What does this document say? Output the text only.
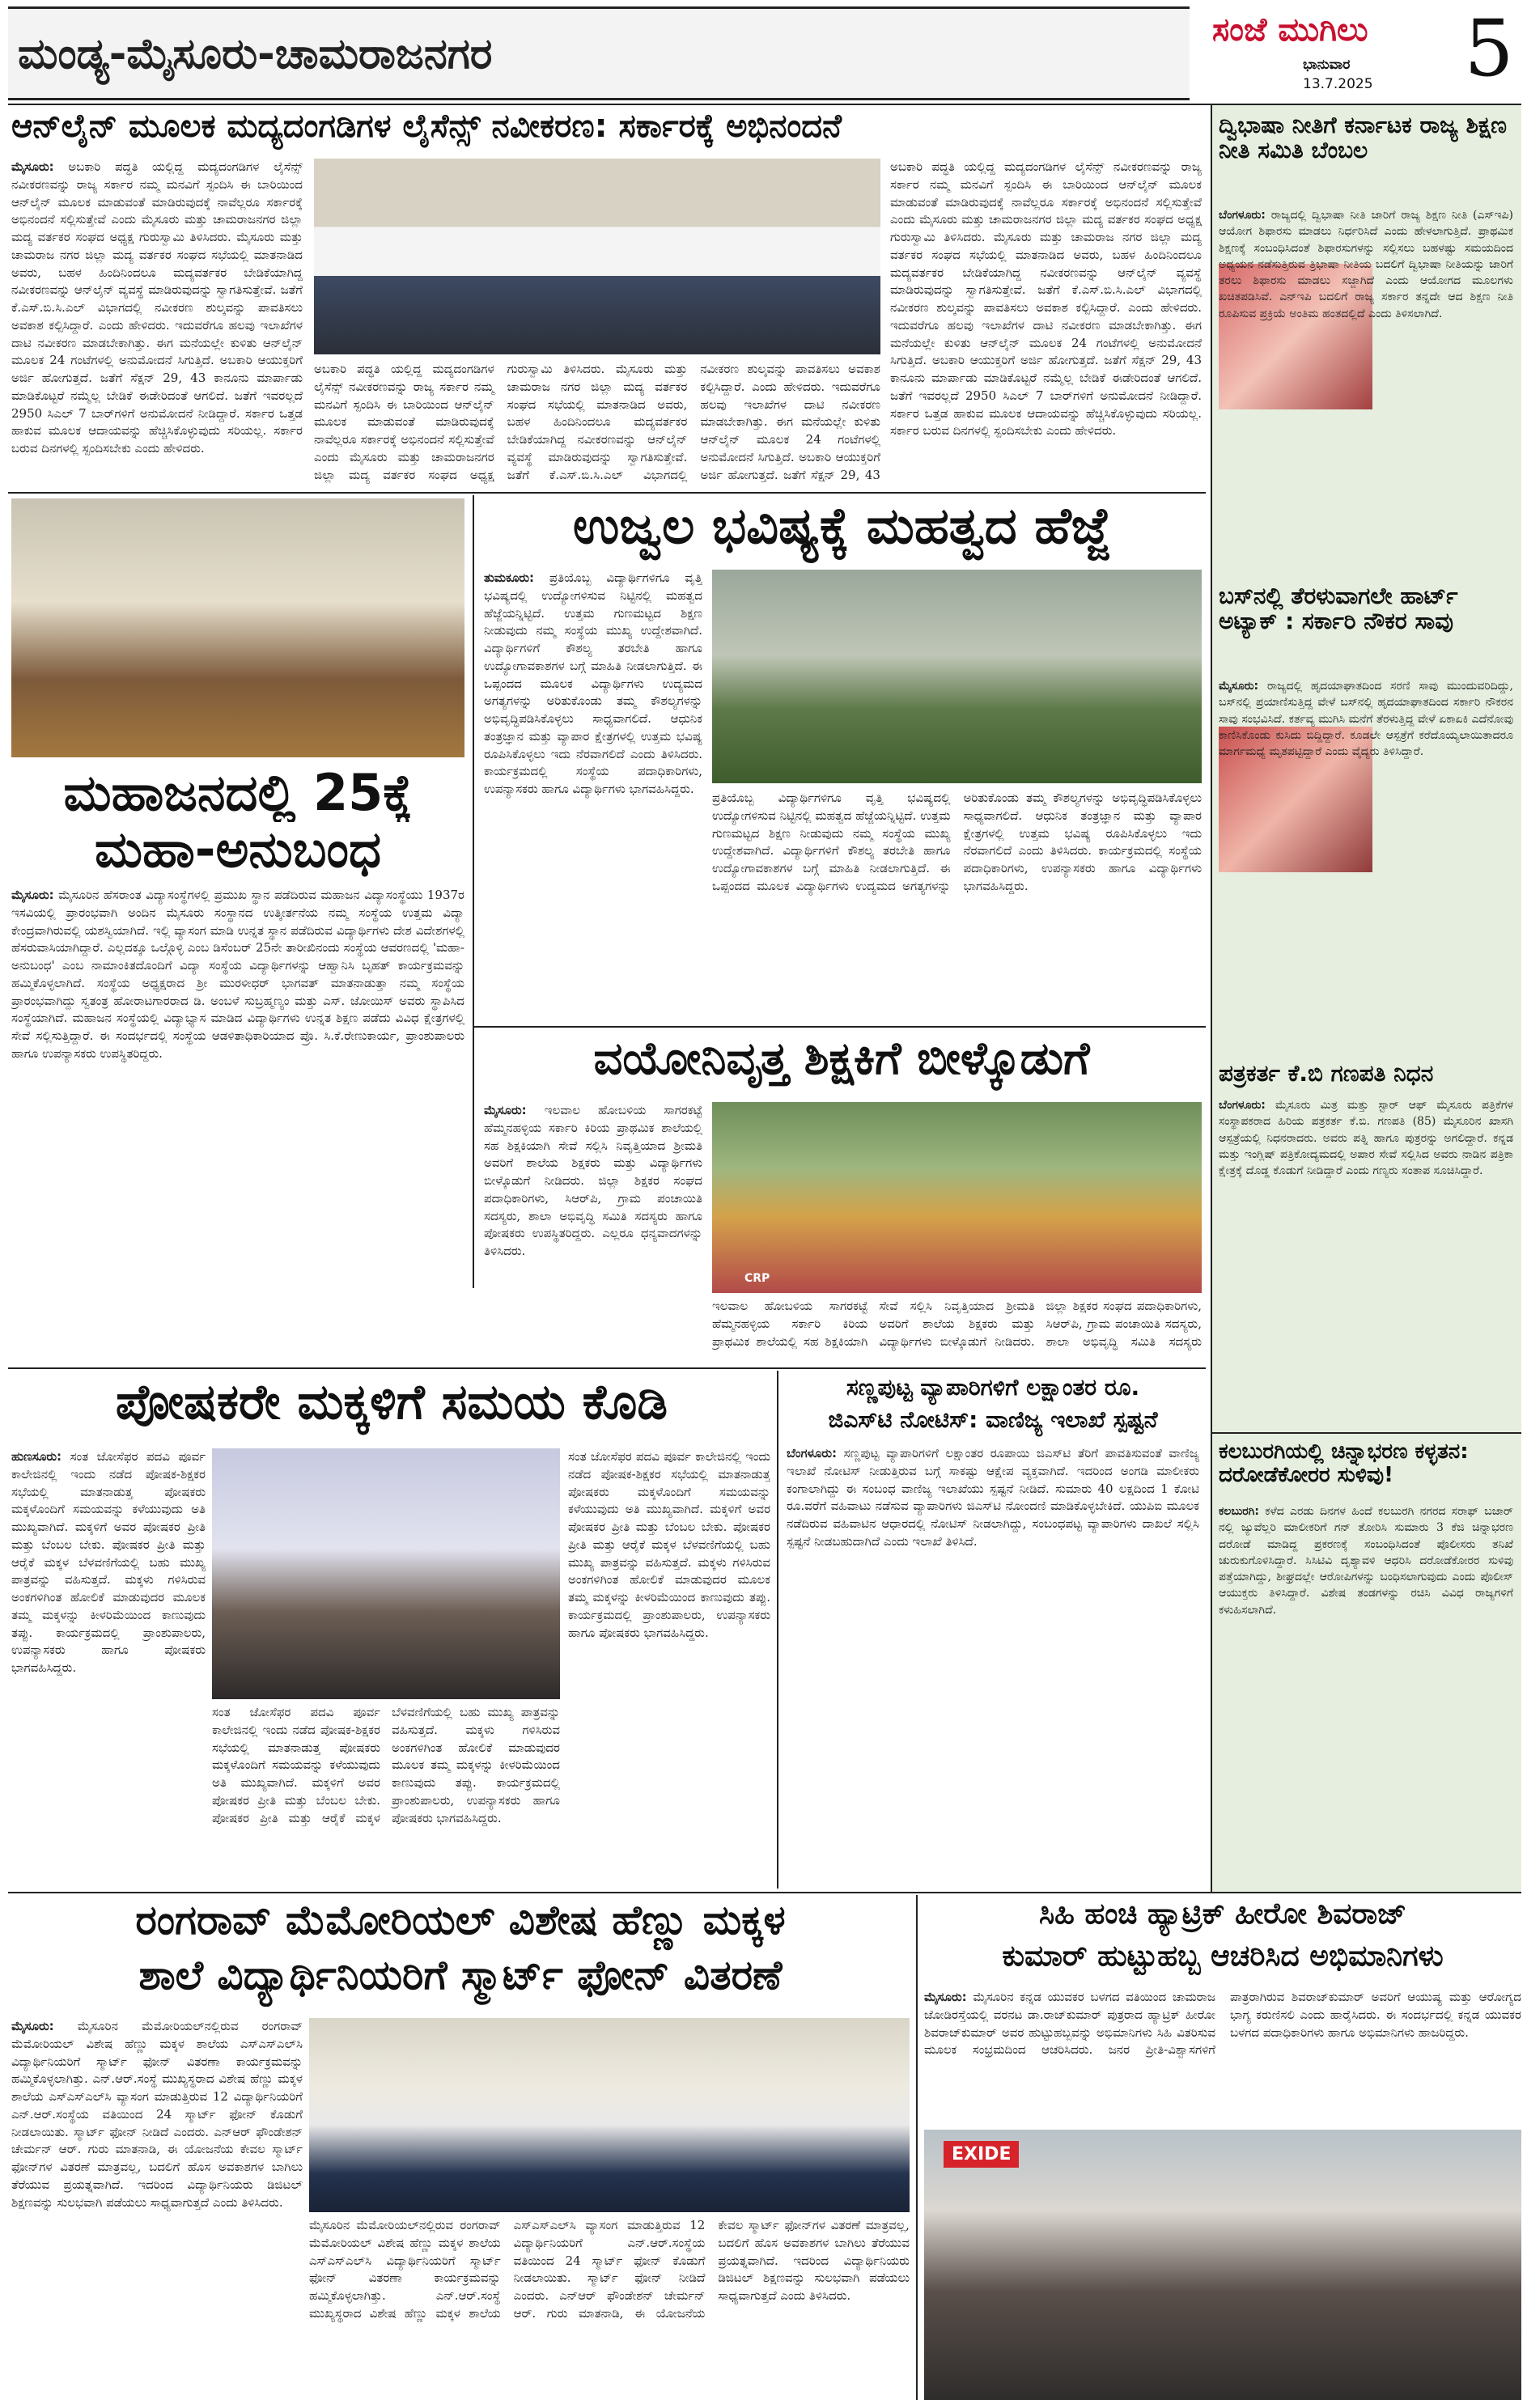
ಮಂಡ್ಯ-ಮೈಸೂರು-ಚಾಮರಾಜನಗರ	ಸಂಜೆ ಮುಗಿಲು
ಭಾನುವಾರ
13.7.2025 5
ಆನ್‌ಲೈನ್ ಮೂಲಕ ಮದ್ಯದಂಗಡಿಗಳ ಲೈಸೆನ್ಸ್ ನವೀಕರಣ: ಸರ್ಕಾರಕ್ಕೆ ಅಭಿನಂದನೆ
ಮೈಸೂರು: ಅಬಕಾರಿ ಪದ್ಧತಿ ಯಲ್ಲಿದ್ದ ಮದ್ಯದಂಗಡಿಗಳ ಲೈಸೆನ್ಸ್ ನವೀಕರಣವನ್ನು ರಾಜ್ಯ ಸರ್ಕಾರ ನಮ್ಮ ಮನವಿಗೆ ಸ್ಪಂದಿಸಿ ಈ ಬಾರಿಯಿಂದ ಆನ್‌ಲೈನ್ ಮೂಲಕ ಮಾಡುವಂತೆ ಮಾಡಿರುವುದಕ್ಕೆ ನಾವೆಲ್ಲರೂ ಸರ್ಕಾರಕ್ಕೆ ಅಭಿನಂದನೆ ಸಲ್ಲಿಸುತ್ತೇವೆ ಎಂದು ಮೈಸೂರು ಮತ್ತು ಚಾಮರಾಜನಗರ ಜಿಲ್ಲಾ ಮದ್ಯ ವರ್ತಕರ ಸಂಘದ ಅಧ್ಯಕ್ಷ ಗುರುಸ್ವಾಮಿ ತಿಳಿಸಿದರು. ಮೈಸೂರು ಮತ್ತು ಚಾಮರಾಜ ನಗರ ಜಿಲ್ಲಾ ಮದ್ಯ ವರ್ತಕರ ಸಂಘದ ಸಭೆಯಲ್ಲಿ ಮಾತನಾಡಿದ ಅವರು, ಬಹಳ ಹಿಂದಿನಿಂದಲೂ ಮದ್ಯವರ್ತಕರ ಬೇಡಿಕೆಯಾಗಿದ್ದ ನವೀಕರಣವನ್ನು ಆನ್‌ಲೈನ್ ವ್ಯವಸ್ಥೆ ಮಾಡಿರುವುದನ್ನು ಸ್ವಾಗತಿಸುತ್ತೇವೆ. ಜತೆಗೆ ಕೆ.ಎಸ್.ಬಿ.ಸಿ.ಎಲ್ ವಿಭಾಗದಲ್ಲಿ ನವೀಕರಣ ಶುಲ್ಕವನ್ನು ಪಾವತಿಸಲು ಅವಕಾಶ ಕಲ್ಪಿಸಿದ್ದಾರೆ. ಎಂದು ಹೇಳಿದರು. ಇದುವರೆಗೂ ಹಲವು ಇಲಾಖೆಗಳ ದಾಟಿ ನವೀಕರಣ ಮಾಡಬೇಕಾಗಿತ್ತು. ಈಗ ಮನೆಯಲ್ಲೇ ಕುಳಿತು ಆನ್‌ಲೈನ್ ಮೂಲಕ 24 ಗಂಟೆಗಳಲ್ಲಿ ಅನುಮೋದನೆ ಸಿಗುತ್ತಿದೆ. ಅಬಕಾರಿ ಆಯುಕ್ತರಿಗೆ ಅರ್ಜಿ ಹೋಗುತ್ತದೆ. ಜತೆಗೆ ಸೆಕ್ಷನ್ 29, 43 ಕಾನೂನು ಮಾರ್ಪಾಡು ಮಾಡಿಕೊಟ್ಟರೆ ನಮ್ಮೆಲ್ಲ ಬೇಡಿಕೆ ಈಡೇರಿದಂತೆ ಆಗಲಿದೆ. ಜತೆಗೆ ಇವರಲ್ಲದೆ 2950 ಸಿಎಲ್ 7 ಬಾರ್‌ಗಳಿಗೆ ಅನುಮೋದನೆ ನೀಡಿದ್ದಾರೆ. ಸರ್ಕಾರ ಒತ್ತಡ ಹಾಕುವ ಮೂಲಕ ಆದಾಯವನ್ನು ಹೆಚ್ಚಿಸಿಕೊಳ್ಳುವುದು ಸರಿಯಲ್ಲ. ಸರ್ಕಾರ ಬರುವ ದಿನಗಳಲ್ಲಿ ಸ್ಪಂದಿಸಬೇಕು ಎಂದು ಹೇಳಿದರು.
ಅಬಕಾರಿ ಪದ್ಧತಿ ಯಲ್ಲಿದ್ದ ಮದ್ಯದಂಗಡಿಗಳ ಲೈಸೆನ್ಸ್ ನವೀಕರಣವನ್ನು ರಾಜ್ಯ ಸರ್ಕಾರ ನಮ್ಮ ಮನವಿಗೆ ಸ್ಪಂದಿಸಿ ಈ ಬಾರಿಯಿಂದ ಆನ್‌ಲೈನ್ ಮೂಲಕ ಮಾಡುವಂತೆ ಮಾಡಿರುವುದಕ್ಕೆ ನಾವೆಲ್ಲರೂ ಸರ್ಕಾರಕ್ಕೆ ಅಭಿನಂದನೆ ಸಲ್ಲಿಸುತ್ತೇವೆ ಎಂದು ಮೈಸೂರು ಮತ್ತು ಚಾಮರಾಜನಗರ ಜಿಲ್ಲಾ ಮದ್ಯ ವರ್ತಕರ ಸಂಘದ ಅಧ್ಯಕ್ಷ ಗುರುಸ್ವಾಮಿ ತಿಳಿಸಿದರು. ಮೈಸೂರು ಮತ್ತು ಚಾಮರಾಜ ನಗರ ಜಿಲ್ಲಾ ಮದ್ಯ ವರ್ತಕರ ಸಂಘದ ಸಭೆಯಲ್ಲಿ ಮಾತನಾಡಿದ ಅವರು, ಬಹಳ ಹಿಂದಿನಿಂದಲೂ ಮದ್ಯವರ್ತಕರ ಬೇಡಿಕೆಯಾಗಿದ್ದ ನವೀಕರಣವನ್ನು ಆನ್‌ಲೈನ್ ವ್ಯವಸ್ಥೆ ಮಾಡಿರುವುದನ್ನು ಸ್ವಾಗತಿಸುತ್ತೇವೆ. ಜತೆಗೆ ಕೆ.ಎಸ್.ಬಿ.ಸಿ.ಎಲ್ ವಿಭಾಗದಲ್ಲಿ ನವೀಕರಣ ಶುಲ್ಕವನ್ನು ಪಾವತಿಸಲು ಅವಕಾಶ ಕಲ್ಪಿಸಿದ್ದಾರೆ. ಎಂದು ಹೇಳಿದರು. ಇದುವರೆಗೂ ಹಲವು ಇಲಾಖೆಗಳ ದಾಟಿ ನವೀಕರಣ ಮಾಡಬೇಕಾಗಿತ್ತು. ಈಗ ಮನೆಯಲ್ಲೇ ಕುಳಿತು ಆನ್‌ಲೈನ್ ಮೂಲಕ 24 ಗಂಟೆಗಳಲ್ಲಿ ಅನುಮೋದನೆ ಸಿಗುತ್ತಿದೆ. ಅಬಕಾರಿ ಆಯುಕ್ತರಿಗೆ ಅರ್ಜಿ ಹೋಗುತ್ತದೆ. ಜತೆಗೆ ಸೆಕ್ಷನ್ 29, 43
ಅಬಕಾರಿ ಪದ್ಧತಿ ಯಲ್ಲಿದ್ದ ಮದ್ಯದಂಗಡಿಗಳ ಲೈಸೆನ್ಸ್ ನವೀಕರಣವನ್ನು ರಾಜ್ಯ ಸರ್ಕಾರ ನಮ್ಮ ಮನವಿಗೆ ಸ್ಪಂದಿಸಿ ಈ ಬಾರಿಯಿಂದ ಆನ್‌ಲೈನ್ ಮೂಲಕ ಮಾಡುವಂತೆ ಮಾಡಿರುವುದಕ್ಕೆ ನಾವೆಲ್ಲರೂ ಸರ್ಕಾರಕ್ಕೆ ಅಭಿನಂದನೆ ಸಲ್ಲಿಸುತ್ತೇವೆ ಎಂದು ಮೈಸೂರು ಮತ್ತು ಚಾಮರಾಜನಗರ ಜಿಲ್ಲಾ ಮದ್ಯ ವರ್ತಕರ ಸಂಘದ ಅಧ್ಯಕ್ಷ ಗುರುಸ್ವಾಮಿ ತಿಳಿಸಿದರು. ಮೈಸೂರು ಮತ್ತು ಚಾಮರಾಜ ನಗರ ಜಿಲ್ಲಾ ಮದ್ಯ ವರ್ತಕರ ಸಂಘದ ಸಭೆಯಲ್ಲಿ ಮಾತನಾಡಿದ ಅವರು, ಬಹಳ ಹಿಂದಿನಿಂದಲೂ ಮದ್ಯವರ್ತಕರ ಬೇಡಿಕೆಯಾಗಿದ್ದ ನವೀಕರಣವನ್ನು ಆನ್‌ಲೈನ್ ವ್ಯವಸ್ಥೆ ಮಾಡಿರುವುದನ್ನು ಸ್ವಾಗತಿಸುತ್ತೇವೆ. ಜತೆಗೆ ಕೆ.ಎಸ್.ಬಿ.ಸಿ.ಎಲ್ ವಿಭಾಗದಲ್ಲಿ ನವೀಕರಣ ಶುಲ್ಕವನ್ನು ಪಾವತಿಸಲು ಅವಕಾಶ ಕಲ್ಪಿಸಿದ್ದಾರೆ. ಎಂದು ಹೇಳಿದರು. ಇದುವರೆಗೂ ಹಲವು ಇಲಾಖೆಗಳ ದಾಟಿ ನವೀಕರಣ ಮಾಡಬೇಕಾಗಿತ್ತು. ಈಗ ಮನೆಯಲ್ಲೇ ಕುಳಿತು ಆನ್‌ಲೈನ್ ಮೂಲಕ 24 ಗಂಟೆಗಳಲ್ಲಿ ಅನುಮೋದನೆ ಸಿಗುತ್ತಿದೆ. ಅಬಕಾರಿ ಆಯುಕ್ತರಿಗೆ ಅರ್ಜಿ ಹೋಗುತ್ತದೆ. ಜತೆಗೆ ಸೆಕ್ಷನ್ 29, 43 ಕಾನೂನು ಮಾರ್ಪಾಡು ಮಾಡಿಕೊಟ್ಟರೆ ನಮ್ಮೆಲ್ಲ ಬೇಡಿಕೆ ಈಡೇರಿದಂತೆ ಆಗಲಿದೆ. ಜತೆಗೆ ಇವರಲ್ಲದೆ 2950 ಸಿಎಲ್ 7 ಬಾರ್‌ಗಳಿಗೆ ಅನುಮೋದನೆ ನೀಡಿದ್ದಾರೆ. ಸರ್ಕಾರ ಒತ್ತಡ ಹಾಕುವ ಮೂಲಕ ಆದಾಯವನ್ನು ಹೆಚ್ಚಿಸಿಕೊಳ್ಳುವುದು ಸರಿಯಲ್ಲ. ಸರ್ಕಾರ ಬರುವ ದಿನಗಳಲ್ಲಿ ಸ್ಪಂದಿಸಬೇಕು ಎಂದು ಹೇಳಿದರು.
ಉಜ್ವಲ ಭವಿಷ್ಯಕ್ಕೆ ಮಹತ್ವದ ಹೆಜ್ಜೆ
ತುಮಕೂರು: ಪ್ರತಿಯೊಬ್ಬ ವಿದ್ಯಾರ್ಥಿಗಳಿಗೂ ವೃತ್ತಿ ಭವಿಷ್ಯದಲ್ಲಿ ಉದ್ಯೋಗಳಿಸುವ ನಿಟ್ಟಿನಲ್ಲಿ ಮಹತ್ವದ ಹೆಜ್ಜೆಯನ್ನಿಟ್ಟಿದೆ. ಉತ್ತಮ ಗುಣಮಟ್ಟದ ಶಿಕ್ಷಣ ನೀಡುವುದು ನಮ್ಮ ಸಂಸ್ಥೆಯ ಮುಖ್ಯ ಉದ್ದೇಶವಾಗಿದೆ. ವಿದ್ಯಾರ್ಥಿಗಳಿಗೆ ಕೌಶಲ್ಯ ತರಬೇತಿ ಹಾಗೂ ಉದ್ಯೋಗಾವಕಾಶಗಳ ಬಗ್ಗೆ ಮಾಹಿತಿ ನೀಡಲಾಗುತ್ತಿದೆ. ಈ ಒಪ್ಪಂದದ ಮೂಲಕ ವಿದ್ಯಾರ್ಥಿಗಳು ಉದ್ಯಮದ ಅಗತ್ಯಗಳನ್ನು ಅರಿತುಕೊಂಡು ತಮ್ಮ ಕೌಶಲ್ಯಗಳನ್ನು ಅಭಿವೃದ್ಧಿಪಡಿಸಿಕೊಳ್ಳಲು ಸಾಧ್ಯವಾಗಲಿದೆ. ಆಧುನಿಕ ತಂತ್ರಜ್ಞಾನ ಮತ್ತು ವ್ಯಾಪಾರ ಕ್ಷೇತ್ರಗಳಲ್ಲಿ ಉತ್ತಮ ಭವಿಷ್ಯ ರೂಪಿಸಿಕೊಳ್ಳಲು ಇದು ನೆರವಾಗಲಿದೆ ಎಂದು ತಿಳಿಸಿದರು. ಕಾರ್ಯಕ್ರಮದಲ್ಲಿ ಸಂಸ್ಥೆಯ ಪದಾಧಿಕಾರಿಗಳು, ಉಪನ್ಯಾಸಕರು ಹಾಗೂ ವಿದ್ಯಾರ್ಥಿಗಳು ಭಾಗವಹಿಸಿದ್ದರು.
ಪ್ರತಿಯೊಬ್ಬ ವಿದ್ಯಾರ್ಥಿಗಳಿಗೂ ವೃತ್ತಿ ಭವಿಷ್ಯದಲ್ಲಿ ಉದ್ಯೋಗಳಿಸುವ ನಿಟ್ಟಿನಲ್ಲಿ ಮಹತ್ವದ ಹೆಜ್ಜೆಯನ್ನಿಟ್ಟಿದೆ. ಉತ್ತಮ ಗುಣಮಟ್ಟದ ಶಿಕ್ಷಣ ನೀಡುವುದು ನಮ್ಮ ಸಂಸ್ಥೆಯ ಮುಖ್ಯ ಉದ್ದೇಶವಾಗಿದೆ. ವಿದ್ಯಾರ್ಥಿಗಳಿಗೆ ಕೌಶಲ್ಯ ತರಬೇತಿ ಹಾಗೂ ಉದ್ಯೋಗಾವಕಾಶಗಳ ಬಗ್ಗೆ ಮಾಹಿತಿ ನೀಡಲಾಗುತ್ತಿದೆ. ಈ ಒಪ್ಪಂದದ ಮೂಲಕ ವಿದ್ಯಾರ್ಥಿಗಳು ಉದ್ಯಮದ ಅಗತ್ಯಗಳನ್ನು ಅರಿತುಕೊಂಡು ತಮ್ಮ ಕೌಶಲ್ಯಗಳನ್ನು ಅಭಿವೃದ್ಧಿಪಡಿಸಿಕೊಳ್ಳಲು ಸಾಧ್ಯವಾಗಲಿದೆ. ಆಧುನಿಕ ತಂತ್ರಜ್ಞಾನ ಮತ್ತು ವ್ಯಾಪಾರ ಕ್ಷೇತ್ರಗಳಲ್ಲಿ ಉತ್ತಮ ಭವಿಷ್ಯ ರೂಪಿಸಿಕೊಳ್ಳಲು ಇದು ನೆರವಾಗಲಿದೆ ಎಂದು ತಿಳಿಸಿದರು. ಕಾರ್ಯಕ್ರಮದಲ್ಲಿ ಸಂಸ್ಥೆಯ ಪದಾಧಿಕಾರಿಗಳು, ಉಪನ್ಯಾಸಕರು ಹಾಗೂ ವಿದ್ಯಾರ್ಥಿಗಳು ಭಾಗವಹಿಸಿದ್ದರು.
ಮಹಾಜನದಲ್ಲಿ 25ಕ್ಕೆ
ಮಹಾ-ಅನುಬಂಧ
ಮೈಸೂರು: ಮೈಸೂರಿನ ಹೆಸರಾಂತ ವಿದ್ಯಾಸಂಸ್ಥೆಗಳಲ್ಲಿ ಪ್ರಮುಖ ಸ್ಥಾನ ಪಡೆದಿರುವ ಮಹಾಜನ ವಿದ್ಯಾಸಂಸ್ಥೆಯು 1937ರ ಇಸವಿಯಲ್ಲಿ ಪ್ರಾರಂಭವಾಗಿ ಅಂದಿನ ಮೈಸೂರು ಸಂಸ್ಥಾನದ ಉತ್ಕೀರ್ತನೆಯ ನಮ್ಮ ಸಂಸ್ಥೆಯ ಉತ್ತಮ ವಿದ್ಯಾ ಕೇಂದ್ರವಾಗಿರುವಲ್ಲಿ ಯಶಸ್ವಿಯಾಗಿದೆ. ಇಲ್ಲಿ ವ್ಯಾಸಂಗ ಮಾಡಿ ಉನ್ನತ ಸ್ಥಾನ ಪಡೆದಿರುವ ವಿದ್ಯಾರ್ಥಿಗಳು ದೇಶ ವಿದೇಶಗಳಲ್ಲಿ ಹೆಸರುವಾಸಿಯಾಗಿದ್ದಾರೆ. ಎಲ್ಲದಕ್ಕೂ ಒಲ್ಗೊಳ್ಳಿ ಎಂಬ ಡಿಸೆಂಬರ್ 25ನೇ ತಾರೀಖಿನಂದು ಸಂಸ್ಥೆಯ ಆವರಣದಲ್ಲಿ 'ಮಹಾ-ಅನುಬಂಧ' ಎಂಬ ನಾಮಾಂಕಿತದೊಂದಿಗೆ ವಿದ್ಯಾ ಸಂಸ್ಥೆಯ ವಿದ್ಯಾರ್ಥಿಗಳನ್ನು ಆಹ್ವಾನಿಸಿ ಬೃಹತ್ ಕಾರ್ಯಕ್ರಮವನ್ನು ಹಮ್ಮಿಕೊಳ್ಳಲಾಗಿದೆ. ಸಂಸ್ಥೆಯ ಅಧ್ಯಕ್ಷರಾದ ಶ್ರೀ ಮುರಳೀಧರ್ ಭಾಗವತ್ ಮಾತನಾಡುತ್ತಾ ನಮ್ಮ ಸಂಸ್ಥೆಯ ಪ್ರಾರಂಭವಾಗಿದ್ದು ಸ್ವತಂತ್ರ ಹೋರಾಟಗಾರರಾದ ಡಿ. ಅಂಬಳೆ ಸುಬ್ರಹ್ಮಣ್ಯಂ ಮತ್ತು ಎಸ್. ಜೋಯಿಸ್ ಅವರು ಸ್ಥಾಪಿಸಿದ ಸಂಸ್ಥೆಯಾಗಿದೆ. ಮಹಾಜನ ಸಂಸ್ಥೆಯಲ್ಲಿ ವಿದ್ಯಾಭ್ಯಾಸ ಮಾಡಿದ ವಿದ್ಯಾರ್ಥಿಗಳು ಉನ್ನತ ಶಿಕ್ಷಣ ಪಡೆದು ವಿವಿಧ ಕ್ಷೇತ್ರಗಳಲ್ಲಿ ಸೇವೆ ಸಲ್ಲಿಸುತ್ತಿದ್ದಾರೆ. ಈ ಸಂದರ್ಭದಲ್ಲಿ ಸಂಸ್ಥೆಯ ಆಡಳಿತಾಧಿಕಾರಿಯಾದ ಪ್ರೊ. ಸಿ.ಕೆ.ರೇಣುಕಾರ್ಯ, ಪ್ರಾಂಶುಪಾಲರು ಹಾಗೂ ಉಪನ್ಯಾಸಕರು ಉಪಸ್ಥಿತರಿದ್ದರು.	ವಯೋನಿವೃತ್ತ ಶಿಕ್ಷಕಿಗೆ ಬೀಳ್ಕೊಡುಗೆ
ಮೈಸೂರು: ಇಲವಾಲ ಹೋಬಳಿಯ ಸಾಗರಕಟ್ಟೆ ಹೆಮ್ಮನಹಳ್ಳಿಯ ಸರ್ಕಾರಿ ಕಿರಿಯ ಪ್ರಾಥಮಿಕ ಶಾಲೆಯಲ್ಲಿ ಸಹ ಶಿಕ್ಷಕಿಯಾಗಿ ಸೇವೆ ಸಲ್ಲಿಸಿ ನಿವೃತ್ತಿಯಾದ ಶ್ರೀಮತಿ ಅವರಿಗೆ ಶಾಲೆಯ ಶಿಕ್ಷಕರು ಮತ್ತು ವಿದ್ಯಾರ್ಥಿಗಳು ಬೀಳ್ಕೊಡುಗೆ ನೀಡಿದರು. ಜಿಲ್ಲಾ ಶಿಕ್ಷಕರ ಸಂಘದ ಪದಾಧಿಕಾರಿಗಳು, ಸಿಆರ್‌ಪಿ, ಗ್ರಾಮ ಪಂಚಾಯಿತಿ ಸದಸ್ಯರು, ಶಾಲಾ ಅಭಿವೃದ್ಧಿ ಸಮಿತಿ ಸದಸ್ಯರು ಹಾಗೂ ಪೋಷಕರು ಉಪಸ್ಥಿತರಿದ್ದರು. ಎಲ್ಲರೂ ಧನ್ಯವಾದಗಳನ್ನು ತಿಳಿಸಿದರು.
CRP
ಇಲವಾಲ ಹೋಬಳಿಯ ಸಾಗರಕಟ್ಟೆ ಹೆಮ್ಮನಹಳ್ಳಿಯ ಸರ್ಕಾರಿ ಕಿರಿಯ ಪ್ರಾಥಮಿಕ ಶಾಲೆಯಲ್ಲಿ ಸಹ ಶಿಕ್ಷಕಿಯಾಗಿ ಸೇವೆ ಸಲ್ಲಿಸಿ ನಿವೃತ್ತಿಯಾದ ಶ್ರೀಮತಿ ಅವರಿಗೆ ಶಾಲೆಯ ಶಿಕ್ಷಕರು ಮತ್ತು ವಿದ್ಯಾರ್ಥಿಗಳು ಬೀಳ್ಕೊಡುಗೆ ನೀಡಿದರು. ಜಿಲ್ಲಾ ಶಿಕ್ಷಕರ ಸಂಘದ ಪದಾಧಿಕಾರಿಗಳು, ಸಿಆರ್‌ಪಿ, ಗ್ರಾಮ ಪಂಚಾಯಿತಿ ಸದಸ್ಯರು, ಶಾಲಾ ಅಭಿವೃದ್ಧಿ ಸಮಿತಿ ಸದಸ್ಯರು
ಪೋಷಕರೇ ಮಕ್ಕಳಿಗೆ ಸಮಯ ಕೊಡಿ
ಹುಣಸೂರು: ಸಂತ ಜೋಸೆಫರ ಪದವಿ ಪೂರ್ವ ಕಾಲೇಜಿನಲ್ಲಿ ಇಂದು ನಡೆದ ಪೋಷಕ-ಶಿಕ್ಷಕರ ಸಭೆಯಲ್ಲಿ ಮಾತನಾಡುತ್ತ ಪೋಷಕರು ಮಕ್ಕಳೊಂದಿಗೆ ಸಮಯವನ್ನು ಕಳೆಯುವುದು ಅತಿ ಮುಖ್ಯವಾಗಿದೆ. ಮಕ್ಕಳಿಗೆ ಅವರ ಪೋಷಕರ ಪ್ರೀತಿ ಮತ್ತು ಬೆಂಬಲ ಬೇಕು. ಪೋಷಕರ ಪ್ರೀತಿ ಮತ್ತು ಆರೈಕೆ ಮಕ್ಕಳ ಬೆಳವಣಿಗೆಯಲ್ಲಿ ಬಹು ಮುಖ್ಯ ಪಾತ್ರವನ್ನು ವಹಿಸುತ್ತದೆ. ಮಕ್ಕಳು ಗಳಿಸಿರುವ ಅಂಕಗಳಿಗಿಂತ ಹೋಲಿಕೆ ಮಾಡುವುದರ ಮೂಲಕ ತಮ್ಮ ಮಕ್ಕಳನ್ನು ಕೀಳರಿಮೆಯಿಂದ ಕಾಣುವುದು ತಪ್ಪು. ಕಾರ್ಯಕ್ರಮದಲ್ಲಿ ಪ್ರಾಂಶುಪಾಲರು, ಉಪನ್ಯಾಸಕರು ಹಾಗೂ ಪೋಷಕರು ಭಾಗವಹಿಸಿದ್ದರು.
ಸಂತ ಜೋಸೆಫರ ಪದವಿ ಪೂರ್ವ ಕಾಲೇಜಿನಲ್ಲಿ ಇಂದು ನಡೆದ ಪೋಷಕ-ಶಿಕ್ಷಕರ ಸಭೆಯಲ್ಲಿ ಮಾತನಾಡುತ್ತ ಪೋಷಕರು ಮಕ್ಕಳೊಂದಿಗೆ ಸಮಯವನ್ನು ಕಳೆಯುವುದು ಅತಿ ಮುಖ್ಯವಾಗಿದೆ. ಮಕ್ಕಳಿಗೆ ಅವರ ಪೋಷಕರ ಪ್ರೀತಿ ಮತ್ತು ಬೆಂಬಲ ಬೇಕು. ಪೋಷಕರ ಪ್ರೀತಿ ಮತ್ತು ಆರೈಕೆ ಮಕ್ಕಳ ಬೆಳವಣಿಗೆಯಲ್ಲಿ ಬಹು ಮುಖ್ಯ ಪಾತ್ರವನ್ನು ವಹಿಸುತ್ತದೆ. ಮಕ್ಕಳು ಗಳಿಸಿರುವ ಅಂಕಗಳಿಗಿಂತ ಹೋಲಿಕೆ ಮಾಡುವುದರ ಮೂಲಕ ತಮ್ಮ ಮಕ್ಕಳನ್ನು ಕೀಳರಿಮೆಯಿಂದ ಕಾಣುವುದು ತಪ್ಪು. ಕಾರ್ಯಕ್ರಮದಲ್ಲಿ ಪ್ರಾಂಶುಪಾಲರು, ಉಪನ್ಯಾಸಕರು ಹಾಗೂ ಪೋಷಕರು ಭಾಗವಹಿಸಿದ್ದರು.
ಸಂತ ಜೋಸೆಫರ ಪದವಿ ಪೂರ್ವ ಕಾಲೇಜಿನಲ್ಲಿ ಇಂದು ನಡೆದ ಪೋಷಕ-ಶಿಕ್ಷಕರ ಸಭೆಯಲ್ಲಿ ಮಾತನಾಡುತ್ತ ಪೋಷಕರು ಮಕ್ಕಳೊಂದಿಗೆ ಸಮಯವನ್ನು ಕಳೆಯುವುದು ಅತಿ ಮುಖ್ಯವಾಗಿದೆ. ಮಕ್ಕಳಿಗೆ ಅವರ ಪೋಷಕರ ಪ್ರೀತಿ ಮತ್ತು ಬೆಂಬಲ ಬೇಕು. ಪೋಷಕರ ಪ್ರೀತಿ ಮತ್ತು ಆರೈಕೆ ಮಕ್ಕಳ ಬೆಳವಣಿಗೆಯಲ್ಲಿ ಬಹು ಮುಖ್ಯ ಪಾತ್ರವನ್ನು ವಹಿಸುತ್ತದೆ. ಮಕ್ಕಳು ಗಳಿಸಿರುವ ಅಂಕಗಳಿಗಿಂತ ಹೋಲಿಕೆ ಮಾಡುವುದರ ಮೂಲಕ ತಮ್ಮ ಮಕ್ಕಳನ್ನು ಕೀಳರಿಮೆಯಿಂದ ಕಾಣುವುದು ತಪ್ಪು. ಕಾರ್ಯಕ್ರಮದಲ್ಲಿ ಪ್ರಾಂಶುಪಾಲರು, ಉಪನ್ಯಾಸಕರು ಹಾಗೂ ಪೋಷಕರು ಭಾಗವಹಿಸಿದ್ದರು.
ಸಣ್ಣಪುಟ್ಟ ವ್ಯಾಪಾರಿಗಳಿಗೆ ಲಕ್ಷಾಂತರ ರೂ.
ಜಿಎಸ್‌ಟಿ ನೋಟಿಸ್: ವಾಣಿಜ್ಯ ಇಲಾಖೆ ಸ್ಪಷ್ಟನೆ
ಬೆಂಗಳೂರು: ಸಣ್ಣಪುಟ್ಟ ವ್ಯಾಪಾರಿಗಳಿಗೆ ಲಕ್ಷಾಂತರ ರೂಪಾಯಿ ಜಿಎಸ್‌ಟಿ ತೆರಿಗೆ ಪಾವತಿಸುವಂತೆ ವಾಣಿಜ್ಯ ಇಲಾಖೆ ನೋಟಿಸ್ ನೀಡುತ್ತಿರುವ ಬಗ್ಗೆ ಸಾಕಷ್ಟು ಆಕ್ಷೇಪ ವ್ಯಕ್ತವಾಗಿದೆ. ಇದರಿಂದ ಅಂಗಡಿ ಮಾಲೀಕರು ಕಂಗಾಲಾಗಿದ್ದು ಈ ಸಂಬಂಧ ವಾಣಿಜ್ಯ ಇಲಾಖೆಯು ಸ್ಪಷ್ಟನೆ ನೀಡಿದೆ. ಸುಮಾರು 40 ಲಕ್ಷದಿಂದ 1 ಕೋಟಿ ರೂ.ವರೆಗೆ ವಹಿವಾಟು ನಡೆಸುವ ವ್ಯಾಪಾರಿಗಳು ಜಿಎಸ್‌ಟಿ ನೋಂದಣಿ ಮಾಡಿಕೊಳ್ಳಬೇಕಿದೆ. ಯುಪಿಐ ಮೂಲಕ ನಡೆದಿರುವ ವಹಿವಾಟಿನ ಆಧಾರದಲ್ಲಿ ನೋಟಿಸ್ ನೀಡಲಾಗಿದ್ದು, ಸಂಬಂಧಪಟ್ಟ ವ್ಯಾಪಾರಿಗಳು ದಾಖಲೆ ಸಲ್ಲಿಸಿ ಸ್ಪಷ್ಟನೆ ನೀಡಬಹುದಾಗಿದೆ ಎಂದು ಇಲಾಖೆ ತಿಳಿಸಿದೆ.
ದ್ವಿಭಾಷಾ ನೀತಿಗೆ ಕರ್ನಾಟಕ ರಾಜ್ಯ ಶಿಕ್ಷಣ ನೀತಿ ಸಮಿತಿ ಬೆಂಬಲ
ಬೆಂಗಳೂರು: ರಾಜ್ಯದಲ್ಲಿ ದ್ವಿಭಾಷಾ ನೀತಿ ಜಾರಿಗೆ ರಾಜ್ಯ ಶಿಕ್ಷಣ ನೀತಿ (ಎಸ್‌ಇಪಿ) ಆಯೋಗ ಶಿಫಾರಸು ಮಾಡಲು ನಿರ್ಧರಿಸಿದೆ ಎಂದು ಹೇಳಲಾಗುತ್ತಿದೆ. ಪ್ರಾಥಮಿಕ ಶಿಕ್ಷಣಕ್ಕೆ ಸಂಬಂಧಿಸಿದಂತೆ ಶಿಫಾರಸುಗಳನ್ನು ಸಲ್ಲಿಸಲು ಬಹಳಷ್ಟು ಸಮಯದಿಂದ ಅಧ್ಯಯನ ನಡೆಸುತ್ತಿರುವ ತ್ರಿಭಾಷಾ ನೀತಿಯ ಬದಲಿಗೆ ದ್ವಿಭಾಷಾ ನೀತಿಯನ್ನು ಜಾರಿಗೆ ತರಲು ಶಿಫಾರಸು ಮಾಡಲು ಸಜ್ಜಾಗಿದೆ ಎಂದು ಆಯೋಗದ ಮೂಲಗಳು ಖಚಿತಪಡಿಸಿವೆ. ಎನ್‌ಇಪಿ ಬದಲಿಗೆ ರಾಜ್ಯ ಸರ್ಕಾರ ತನ್ನದೇ ಆದ ಶಿಕ್ಷಣ ನೀತಿ ರೂಪಿಸುವ ಪ್ರಕ್ರಿಯೆ ಅಂತಿಮ ಹಂತದಲ್ಲಿದೆ ಎಂದು ತಿಳಿಸಲಾಗಿದೆ.
ಬಸ್‌ನಲ್ಲಿ ತೆರಳುವಾಗಲೇ ಹಾರ್ಟ್ ಅಟ್ಯಾಕ್ : ಸರ್ಕಾರಿ ನೌಕರ ಸಾವು
ಮೈಸೂರು: ರಾಜ್ಯದಲ್ಲಿ ಹೃದಯಾಘಾತದಿಂದ ಸರಣಿ ಸಾವು ಮುಂದುವರಿದಿದ್ದು, ಬಸ್‌ನಲ್ಲಿ ಪ್ರಯಾಣಿಸುತ್ತಿದ್ದ ವೇಳೆ ಬಸ್‌ನಲ್ಲಿ ಹೃದಯಾಘಾತದಿಂದ ಸರ್ಕಾರಿ ನೌಕರನ ಸಾವು ಸಂಭವಿಸಿದೆ. ಕರ್ತವ್ಯ ಮುಗಿಸಿ ಮನೆಗೆ ತೆರಳುತ್ತಿದ್ದ ವೇಳೆ ಏಕಾಏಕಿ ಎದೆನೋವು ಕಾಣಿಸಿಕೊಂಡು ಕುಸಿದು ಬಿದ್ದಿದ್ದಾರೆ. ಕೂಡಲೇ ಆಸ್ಪತ್ರೆಗೆ ಕರೆದೊಯ್ಯಲಾಯಿತಾದರೂ ಮಾರ್ಗಮಧ್ಯೆ ಮೃತಪಟ್ಟಿದ್ದಾರೆ ಎಂದು ವೈದ್ಯರು ತಿಳಿಸಿದ್ದಾರೆ.
ಪತ್ರಕರ್ತ ಕೆ.ಬಿ ಗಣಪತಿ ನಿಧನ
ಬೆಂಗಳೂರು: ಮೈಸೂರು ಮಿತ್ರ ಮತ್ತು ಸ್ಟಾರ್ ಆಫ್ ಮೈಸೂರು ಪತ್ರಿಕೆಗಳ ಸಂಸ್ಥಾಪಕರಾದ ಹಿರಿಯ ಪತ್ರಕರ್ತ ಕೆ.ಬಿ. ಗಣಪತಿ (85) ಮೈಸೂರಿನ ಖಾಸಗಿ ಆಸ್ಪತ್ರೆಯಲ್ಲಿ ನಿಧನರಾದರು. ಅವರು ಪತ್ನಿ ಹಾಗೂ ಪುತ್ರರನ್ನು ಅಗಲಿದ್ದಾರೆ. ಕನ್ನಡ ಮತ್ತು ಇಂಗ್ಲಿಷ್ ಪತ್ರಿಕೋದ್ಯಮದಲ್ಲಿ ಅಪಾರ ಸೇವೆ ಸಲ್ಲಿಸಿದ ಅವರು ನಾಡಿನ ಪತ್ರಿಕಾ ಕ್ಷೇತ್ರಕ್ಕೆ ದೊಡ್ಡ ಕೊಡುಗೆ ನೀಡಿದ್ದಾರೆ ಎಂದು ಗಣ್ಯರು ಸಂತಾಪ ಸೂಚಿಸಿದ್ದಾರೆ.
ಕಲಬುರಗಿಯಲ್ಲಿ ಚಿನ್ನಾಭರಣ ಕಳ್ಳತನ: ದರೋಡೆಕೋರರ ಸುಳಿವು!
ಕಲಬುರಗಿ: ಕಳೆದ ಎರಡು ದಿನಗಳ ಹಿಂದೆ ಕಲಬುರಗಿ ನಗರದ ಸರಾಫ್ ಬಜಾರ್ ನಲ್ಲಿ ಜ್ಯುವೆಲ್ಲರಿ ಮಾಲೀಕರಿಗೆ ಗನ್ ತೋರಿಸಿ ಸುಮಾರು 3 ಕೆಜಿ ಚಿನ್ನಾಭರಣ ದರೋಡೆ ಮಾಡಿದ್ದ ಪ್ರಕರಣಕ್ಕೆ ಸಂಬಂಧಿಸಿದಂತೆ ಪೊಲೀಸರು ತನಿಖೆ ಚುರುಕುಗೊಳಿಸಿದ್ದಾರೆ. ಸಿಸಿಟಿವಿ ದೃಶ್ಯಾವಳಿ ಆಧರಿಸಿ ದರೋಡೆಕೋರರ ಸುಳಿವು ಪತ್ತೆಯಾಗಿದ್ದು, ಶೀಘ್ರದಲ್ಲೇ ಆರೋಪಿಗಳನ್ನು ಬಂಧಿಸಲಾಗುವುದು ಎಂದು ಪೊಲೀಸ್ ಆಯುಕ್ತರು ತಿಳಿಸಿದ್ದಾರೆ. ವಿಶೇಷ ತಂಡಗಳನ್ನು ರಚಿಸಿ ವಿವಿಧ ರಾಜ್ಯಗಳಿಗೆ ಕಳುಹಿಸಲಾಗಿದೆ.
ರಂಗರಾವ್ ಮೆಮೋರಿಯಲ್ ವಿಶೇಷ ಹೆಣ್ಣು ಮಕ್ಕಳ
ಶಾಲೆ ವಿದ್ಯಾರ್ಥಿನಿಯರಿಗೆ ಸ್ಮಾರ್ಟ್ ಫೋನ್ ವಿತರಣೆ
ಮೈಸೂರು: ಮೈಸೂರಿನ ಮೆಮೋರಿಯಲ್‌ನಲ್ಲಿರುವ ರಂಗರಾವ್ ಮೆಮೋರಿಯಲ್ ವಿಶೇಷ ಹೆಣ್ಣು ಮಕ್ಕಳ ಶಾಲೆಯ ಎಸ್‌ಎಸ್‌ಎಲ್‌ಸಿ ವಿದ್ಯಾರ್ಥಿನಿಯರಿಗೆ ಸ್ಮಾರ್ಟ್ ಫೋನ್ ವಿತರಣಾ ಕಾರ್ಯಕ್ರಮವನ್ನು ಹಮ್ಮಿಕೊಳ್ಳಲಾಗಿತ್ತು. ಎನ್.ಆರ್.ಸಂಸ್ಥೆ ಮುಖ್ಯಸ್ಥರಾದ ವಿಶೇಷ ಹೆಣ್ಣು ಮಕ್ಕಳ ಶಾಲೆಯ ಎಸ್‌ಎಸ್‌ಎಲ್‌ಸಿ ವ್ಯಾಸಂಗ ಮಾಡುತ್ತಿರುವ 12 ವಿದ್ಯಾರ್ಥಿನಿಯರಿಗೆ ಎನ್.ಆರ್.ಸಂಸ್ಥೆಯ ವತಿಯಿಂದ 24 ಸ್ಮಾರ್ಟ್ ಫೋನ್ ಕೊಡುಗೆ ನೀಡಲಾಯಿತು. ಸ್ಮಾರ್ಟ್ ಫೋನ್ ನೀಡಿದೆ ಎಂದರು. ಎನ್‌ಆರ್ ಫೌಂಡೇಶನ್ ಚೇರ್ಮನ್ ಆರ್. ಗುರು ಮಾತನಾಡಿ, ಈ ಯೋಜನೆಯ ಕೇವಲ ಸ್ಮಾರ್ಟ್ ಫೋನ್‌ಗಳ ವಿತರಣೆ ಮಾತ್ರವಲ್ಲ, ಬದಲಿಗೆ ಹೊಸ ಅವಕಾಶಗಳ ಬಾಗಿಲು ತೆರೆಯುವ ಪ್ರಯತ್ನವಾಗಿದೆ. ಇದರಿಂದ ವಿದ್ಯಾರ್ಥಿನಿಯರು ಡಿಜಿಟಲ್ ಶಿಕ್ಷಣವನ್ನು ಸುಲಭವಾಗಿ ಪಡೆಯಲು ಸಾಧ್ಯವಾಗುತ್ತದೆ ಎಂದು ತಿಳಿಸಿದರು.
ಮೈಸೂರಿನ ಮೆಮೋರಿಯಲ್‌ನಲ್ಲಿರುವ ರಂಗರಾವ್ ಮೆಮೋರಿಯಲ್ ವಿಶೇಷ ಹೆಣ್ಣು ಮಕ್ಕಳ ಶಾಲೆಯ ಎಸ್‌ಎಸ್‌ಎಲ್‌ಸಿ ವಿದ್ಯಾರ್ಥಿನಿಯರಿಗೆ ಸ್ಮಾರ್ಟ್ ಫೋನ್ ವಿತರಣಾ ಕಾರ್ಯಕ್ರಮವನ್ನು ಹಮ್ಮಿಕೊಳ್ಳಲಾಗಿತ್ತು. ಎನ್.ಆರ್.ಸಂಸ್ಥೆ ಮುಖ್ಯಸ್ಥರಾದ ವಿಶೇಷ ಹೆಣ್ಣು ಮಕ್ಕಳ ಶಾಲೆಯ ಎಸ್‌ಎಸ್‌ಎಲ್‌ಸಿ ವ್ಯಾಸಂಗ ಮಾಡುತ್ತಿರುವ 12 ವಿದ್ಯಾರ್ಥಿನಿಯರಿಗೆ ಎನ್.ಆರ್.ಸಂಸ್ಥೆಯ ವತಿಯಿಂದ 24 ಸ್ಮಾರ್ಟ್ ಫೋನ್ ಕೊಡುಗೆ ನೀಡಲಾಯಿತು. ಸ್ಮಾರ್ಟ್ ಫೋನ್ ನೀಡಿದೆ ಎಂದರು. ಎನ್‌ಆರ್ ಫೌಂಡೇಶನ್ ಚೇರ್ಮನ್ ಆರ್. ಗುರು ಮಾತನಾಡಿ, ಈ ಯೋಜನೆಯ ಕೇವಲ ಸ್ಮಾರ್ಟ್ ಫೋನ್‌ಗಳ ವಿತರಣೆ ಮಾತ್ರವಲ್ಲ, ಬದಲಿಗೆ ಹೊಸ ಅವಕಾಶಗಳ ಬಾಗಿಲು ತೆರೆಯುವ ಪ್ರಯತ್ನವಾಗಿದೆ. ಇದರಿಂದ ವಿದ್ಯಾರ್ಥಿನಿಯರು ಡಿಜಿಟಲ್ ಶಿಕ್ಷಣವನ್ನು ಸುಲಭವಾಗಿ ಪಡೆಯಲು ಸಾಧ್ಯವಾಗುತ್ತದೆ ಎಂದು ತಿಳಿಸಿದರು.
ಸಿಹಿ ಹಂಚಿ ಹ್ಯಾಟ್ರಿಕ್ ಹೀರೋ ಶಿವರಾಜ್
ಕುಮಾರ್ ಹುಟ್ಟುಹಬ್ಬ ಆಚರಿಸಿದ ಅಭಿಮಾನಿಗಳು
ಮೈಸೂರು: ಮೈಸೂರಿನ ಕನ್ನಡ ಯುವಕರ ಬಳಗದ ವತಿಯಿಂದ ಚಾಮರಾಜ ಜೋಡಿರಸ್ತೆಯಲ್ಲಿ ವರನಟ ಡಾ.ರಾಜ್‌ಕುಮಾರ್ ಪುತ್ರರಾದ ಹ್ಯಾಟ್ರಿಕ್ ಹೀರೋ ಶಿವರಾಜ್‌ಕುಮಾರ್ ಅವರ ಹುಟ್ಟುಹಬ್ಬವನ್ನು ಅಭಿಮಾನಿಗಳು ಸಿಹಿ ವಿತರಿಸುವ ಮೂಲಕ ಸಂಭ್ರಮದಿಂದ ಆಚರಿಸಿದರು. ಜನರ ಪ್ರೀತಿ-ವಿಶ್ವಾಸಗಳಿಗೆ ಪಾತ್ರರಾಗಿರುವ ಶಿವರಾಜ್‌ಕುಮಾರ್ ಅವರಿಗೆ ಆಯುಷ್ಯ ಮತ್ತು ಆರೋಗ್ಯದ ಭಾಗ್ಯ ಕರುಣಿಸಲಿ ಎಂದು ಹಾರೈಸಿದರು. ಈ ಸಂದರ್ಭದಲ್ಲಿ ಕನ್ನಡ ಯುವಕರ ಬಳಗದ ಪದಾಧಿಕಾರಿಗಳು ಹಾಗೂ ಅಭಿಮಾನಿಗಳು ಹಾಜರಿದ್ದರು.
EXIDE
